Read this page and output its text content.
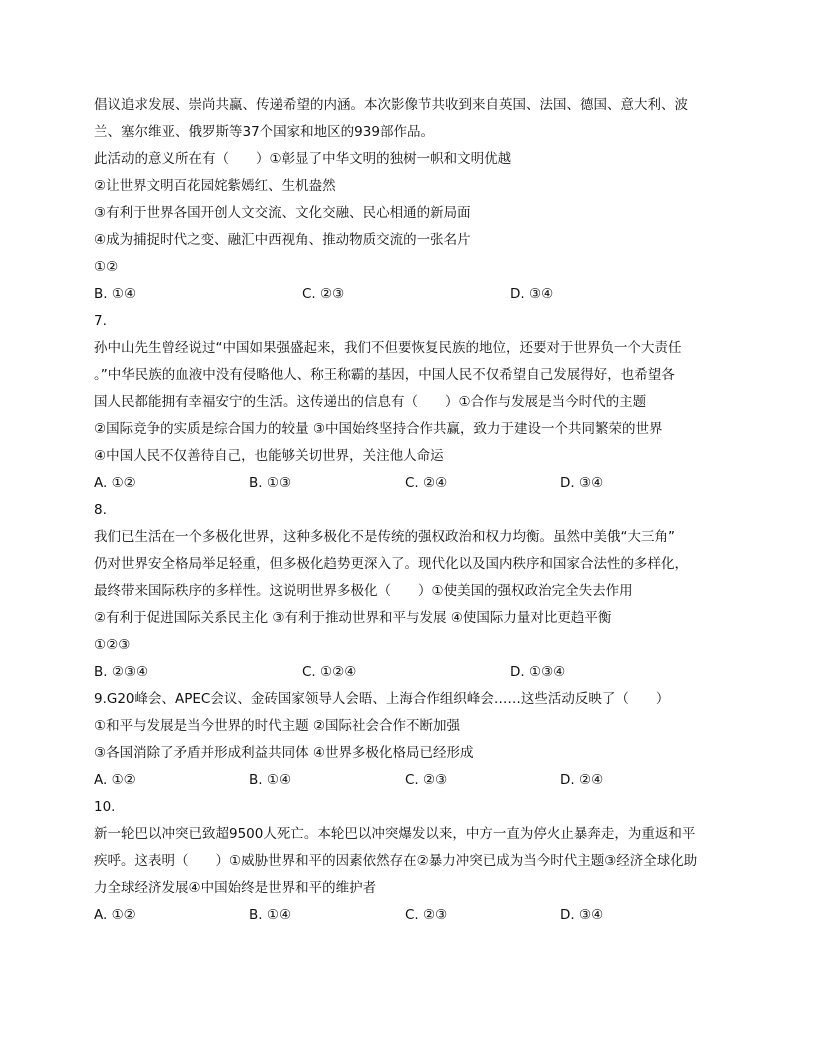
倡议追求发展、崇尚共赢、传递希望的内涵。本次影像节共收到来自英国、法国、德国、意大利、波
兰、塞尔维亚、俄罗斯等37个国家和地区的939部作品。
此活动的意义所在有（　　）①彰显了中华文明的独树一帜和文明优越
②让世界文明百花园姹紫嫣红、生机盎然
③有利于世界各国开创人文交流、文化交融、民心相通的新局面
④成为捕捉时代之变、融汇中西视角、推动物质交流的一张名片
①②
B. ①④	C. ②③	D. ③④
7.
孙中山先生曾经说过“中国如果强盛起来，我们不但要恢复民族的地位，还要对于世界负一个大责任
。”中华民族的血液中没有侵略他人、称王称霸的基因，中国人民不仅希望自己发展得好，也希望各
国人民都能拥有幸福安宁的生活。这传递出的信息有（　　）①合作与发展是当今时代的主题
②国际竞争的实质是综合国力的较量 ③中国始终坚持合作共赢，致力于建设一个共同繁荣的世界
④中国人民不仅善待自己，也能够关切世界，关注他人命运
A. ①②	B. ①③	C. ②④	D. ③④
8.
我们已生活在一个多极化世界，这种多极化不是传统的强权政治和权力均衡。虽然中美俄“大三角”
仍对世界安全格局举足轻重，但多极化趋势更深入了。现代化以及国内秩序和国家合法性的多样化，
最终带来国际秩序的多样性。这说明世界多极化（　　）①使美国的强权政治完全失去作用
②有利于促进国际关系民主化 ③有利于推动世界和平与发展 ④使国际力量对比更趋平衡
①②③
B. ②③④	C. ①②④	D. ①③④
9.G20峰会、APEC会议、金砖国家领导人会晤、上海合作组织峰会……这些活动反映了（　　）
①和平与发展是当今世界的时代主题 ②国际社会合作不断加强
③各国消除了矛盾并形成利益共同体 ④世界多极化格局已经形成
A. ①②	B. ①④	C. ②③	D. ②④
10.
新一轮巴以冲突已致超9500人死亡。本轮巴以冲突爆发以来，中方一直为停火止暴奔走，为重返和平
疾呼。这表明（　　）①威胁世界和平的因素依然存在②暴力冲突已成为当今时代主题③经济全球化助
力全球经济发展④中国始终是世界和平的维护者
A. ①②	B. ①④	C. ②③	D. ③④
